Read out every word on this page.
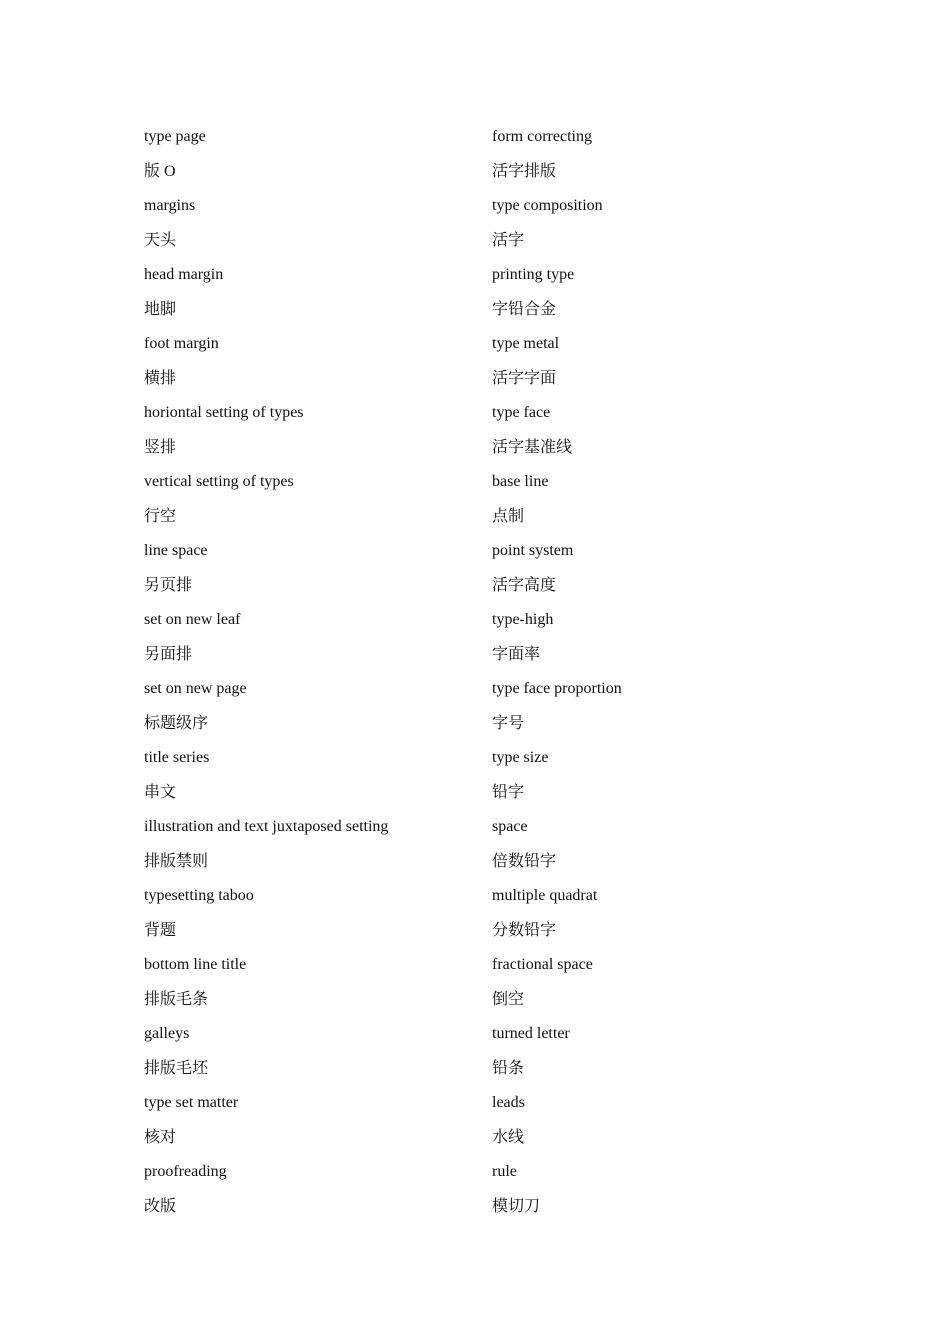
type page
版 O
margins
天头
head margin
地脚
foot margin
横排
horiontal setting of types
竖排
vertical setting of types
行空
line space
另页排
set on new leaf
另面排
set on new page
标题级序
title series
串文
illustration and text juxtaposed setting
排版禁则
typesetting taboo
背题
bottom line title
排版毛条
galleys
排版毛坯
type set matter
核对
proofreading
改版
form correcting
活字排版
type composition
活字
printing type
字铅合金
type metal
活字字面
type face
活字基准线
base line
点制
point system
活字高度
type-high
字面率
type face proportion
字号
type size
铅字
space
倍数铅字
multiple quadrat
分数铅字
fractional space
倒空
turned letter
铅条
leads
水线
rule
模切刀
